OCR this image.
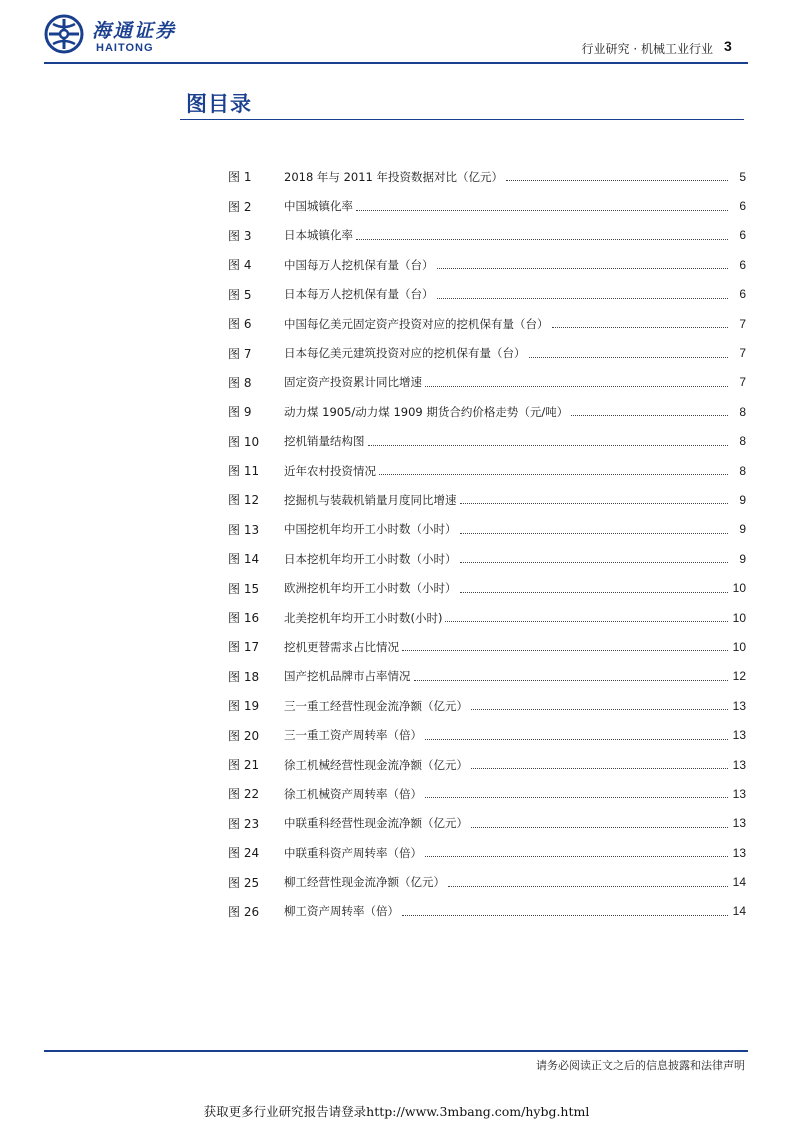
海通证券
HAITONG	行业研究 · 机械工业行业 3
图目录
图 1	2018 年与 2011 年投资数据对比（亿元）	5
图 2	中国城镇化率	6
图 3	日本城镇化率	6
图 4	中国每万人挖机保有量（台）	6
图 5	日本每万人挖机保有量（台）	6
图 6	中国每亿美元固定资产投资对应的挖机保有量（台）	7
图 7	日本每亿美元建筑投资对应的挖机保有量（台）	7
图 8	固定资产投资累计同比增速	7
图 9	动力煤 1905/动力煤 1909 期货合约价格走势（元/吨）	8
图 10	挖机销量结构图	8
图 11	近年农村投资情况	8
图 12	挖掘机与装载机销量月度同比增速	9
图 13	中国挖机年均开工小时数（小时）	9
图 14	日本挖机年均开工小时数（小时）	9
图 15	欧洲挖机年均开工小时数（小时）	10
图 16	北美挖机年均开工小时数(小时)	10
图 17	挖机更替需求占比情况	10
图 18	国产挖机品牌市占率情况	12
图 19	三一重工经营性现金流净额（亿元）	13
图 20	三一重工资产周转率（倍）	13
图 21	徐工机械经营性现金流净额（亿元）	13
图 22	徐工机械资产周转率（倍）	13
图 23	中联重科经营性现金流净额（亿元）	13
图 24	中联重科资产周转率（倍）	13
图 25	柳工经营性现金流净额（亿元）	14
图 26	柳工资产周转率（倍）	14
请务必阅读正文之后的信息披露和法律声明
获取更多行业研究报告请登录http://www.3mbang.com/hybg.html
